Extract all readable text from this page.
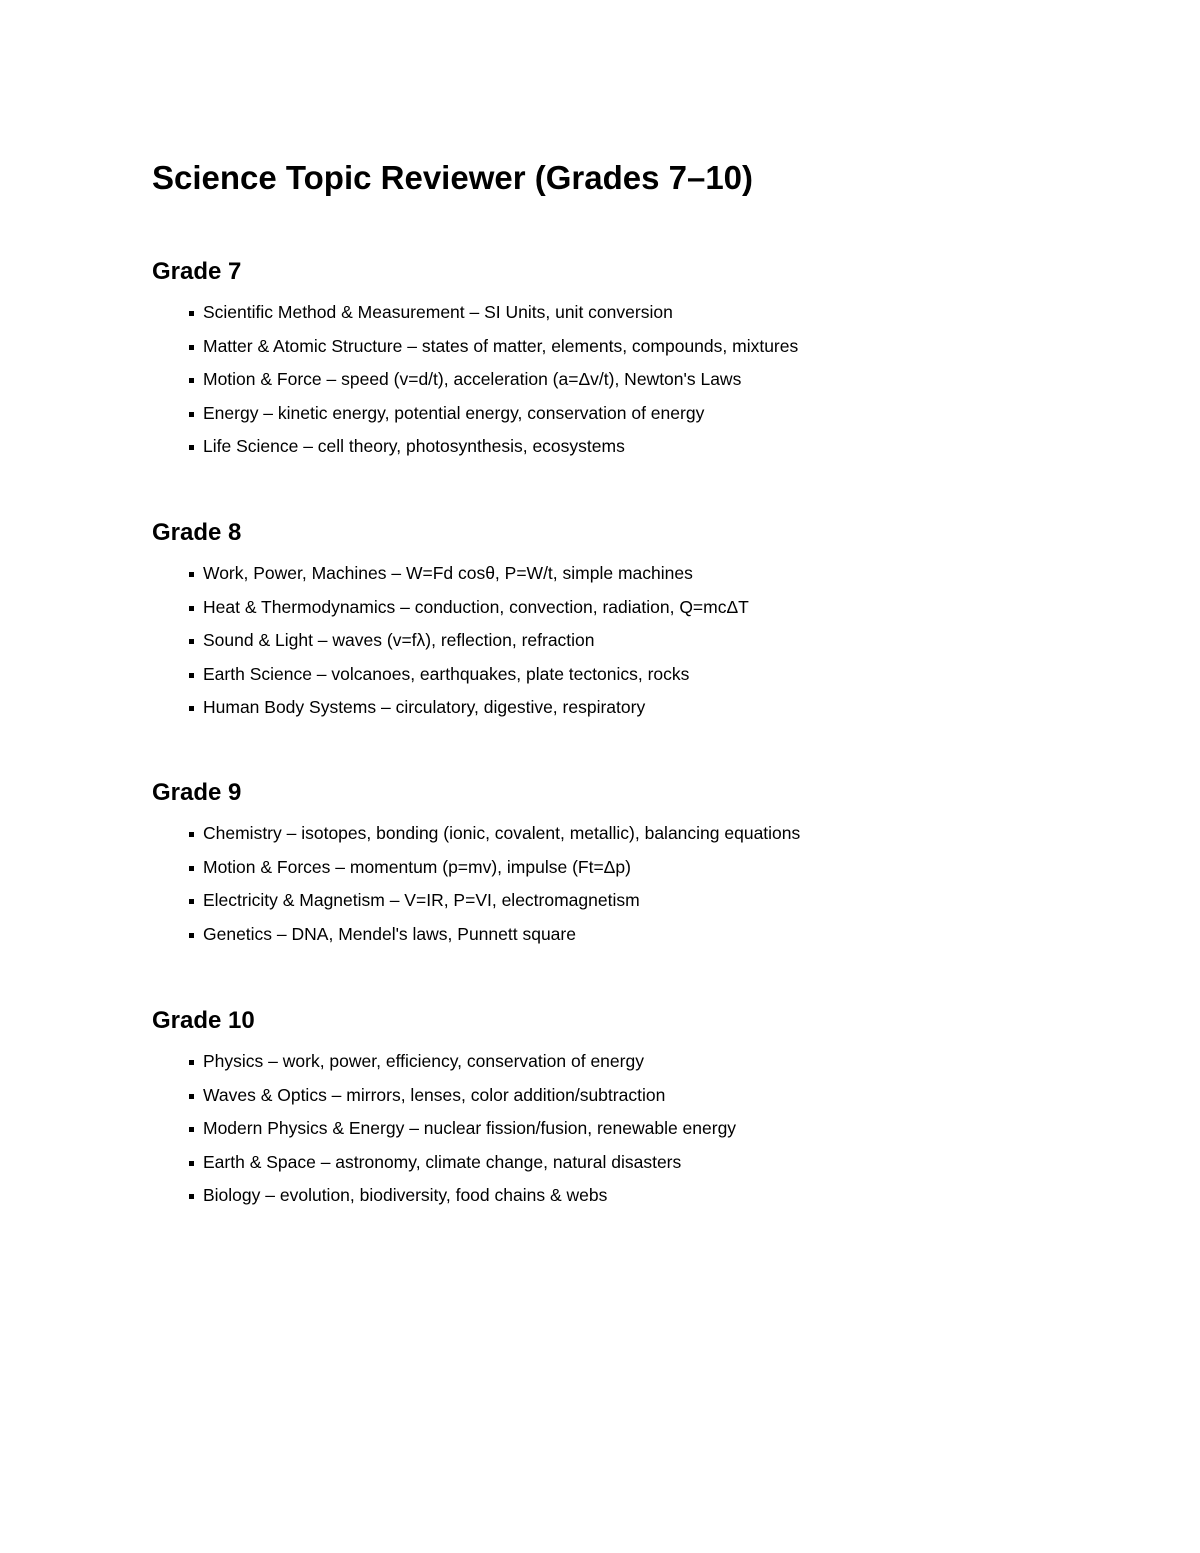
Science Topic Reviewer (Grades 7–10)
Grade 7
Scientific Method & Measurement – SI Units, unit conversion
Matter & Atomic Structure – states of matter, elements, compounds, mixtures
Motion & Force – speed (v=d/t), acceleration (a=Δv/t), Newton's Laws
Energy – kinetic energy, potential energy, conservation of energy
Life Science – cell theory, photosynthesis, ecosystems
Grade 8
Work, Power, Machines – W=Fd cosθ, P=W/t, simple machines
Heat & Thermodynamics – conduction, convection, radiation, Q=mcΔT
Sound & Light – waves (v=fλ), reflection, refraction
Earth Science – volcanoes, earthquakes, plate tectonics, rocks
Human Body Systems – circulatory, digestive, respiratory
Grade 9
Chemistry – isotopes, bonding (ionic, covalent, metallic), balancing equations
Motion & Forces – momentum (p=mv), impulse (Ft=Δp)
Electricity & Magnetism – V=IR, P=VI, electromagnetism
Genetics – DNA, Mendel's laws, Punnett square
Grade 10
Physics – work, power, efficiency, conservation of energy
Waves & Optics – mirrors, lenses, color addition/subtraction
Modern Physics & Energy – nuclear fission/fusion, renewable energy
Earth & Space – astronomy, climate change, natural disasters
Biology – evolution, biodiversity, food chains & webs
